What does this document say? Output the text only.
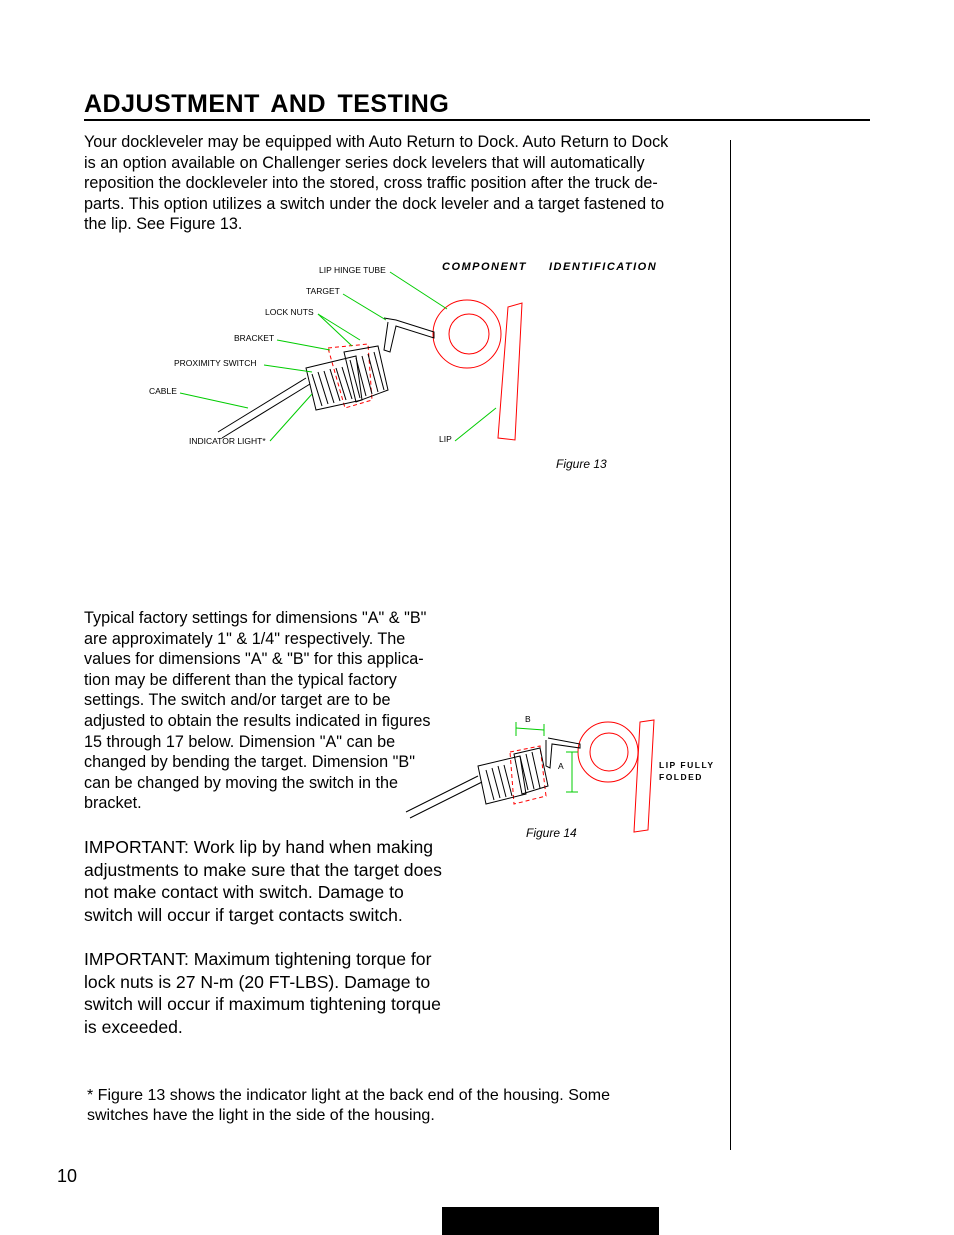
ADJUSTMENT AND TESTING
Your dockleveler may be equipped with Auto Return to Dock. Auto Return to Dock
is an option available on Challenger series dock levelers that will automatically
reposition the dockleveler into the stored, cross traffic position after the truck de-
parts. This option utilizes a switch under the dock leveler and a target fastened to
the lip. See Figure 13.
LIP HINGE TUBE
TARGET
LOCK NUTS
BRACKET
PROXIMITY SWITCH
CABLE
INDICATOR LIGHT*	LIP
COMPONENT IDENTIFICATION
Figure 13
B
A	LIP FULLY
FOLDED
Figure 14
Typical factory settings for dimensions "A" & "B"
are approximately 1" & 1/4" respectively. The
values for dimensions "A" & "B" for this applica-
tion may be different than the typical factory
settings. The switch and/or target are to be
adjusted to obtain the results indicated in figures
15 through 17 below. Dimension "A" can be
changed by bending the target. Dimension "B"
can be changed by moving the switch in the
bracket.
IMPORTANT: Work lip by hand when making
adjustments to make sure that the target does
not make contact with switch. Damage to
switch will occur if target contacts switch.
IMPORTANT: Maximum tightening torque for
lock nuts is 27 N-m (20 FT-LBS). Damage to
switch will occur if maximum tightening torque
is exceeded.
* Figure 13 shows the indicator light at the back end of the housing. Some
switches have the light in the side of the housing.
10
